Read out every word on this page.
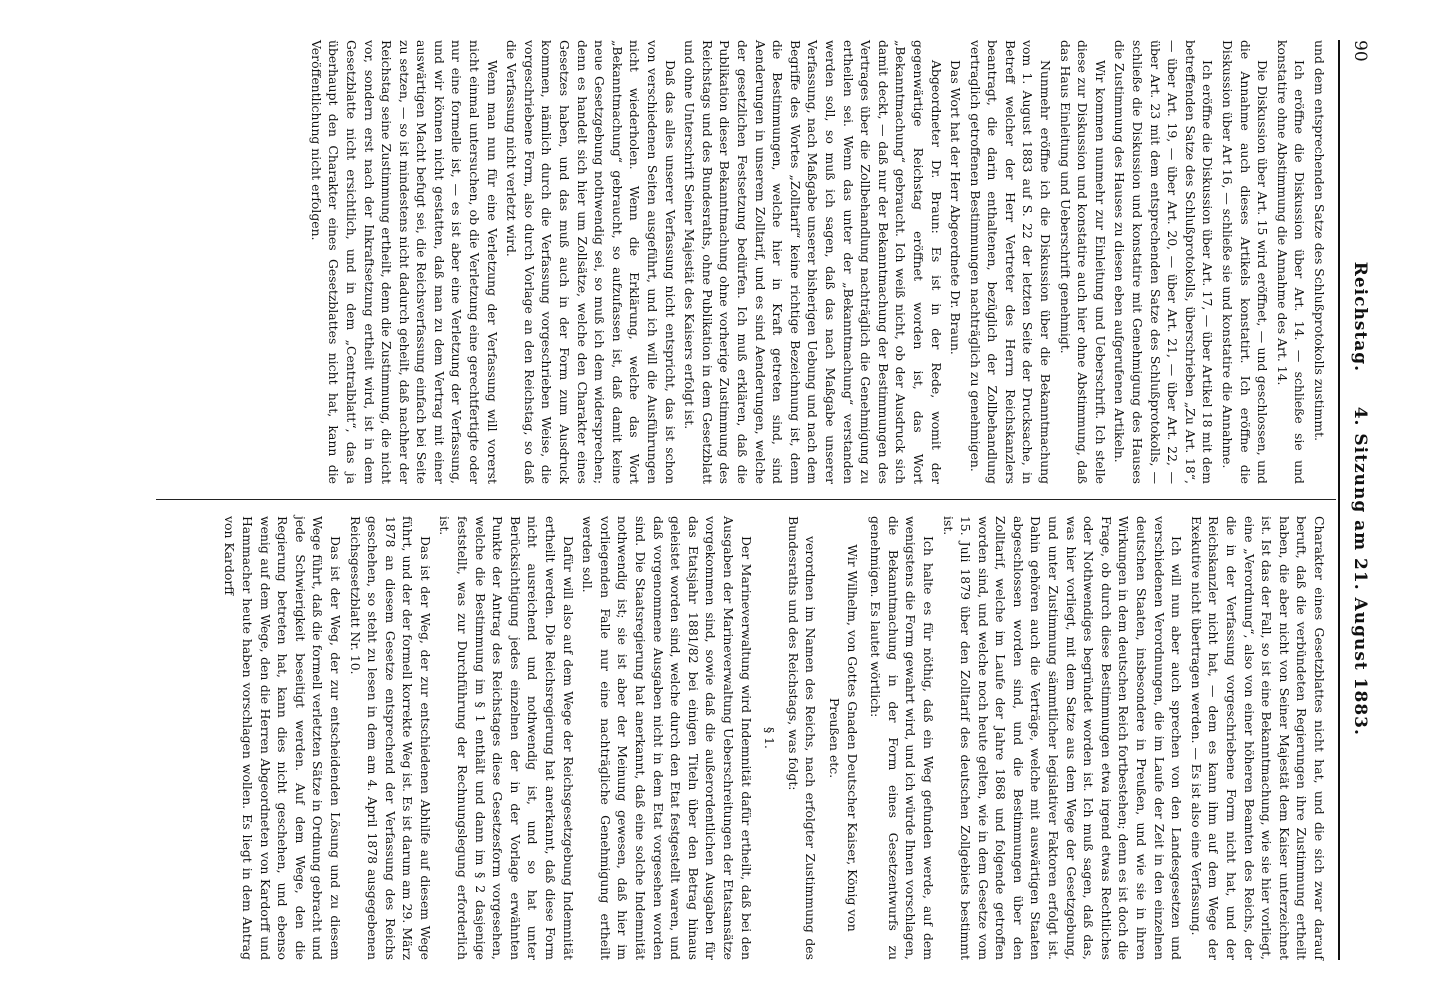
90
Reichstag.     4. Sitzung am 21. August 1883.

und dem entsprechenden Satze des Schlußprotokolls zustimmt.

Ich eröffne die Diskussion über Art. 14. — schließe sie und konstatire ohne Abstimmung die Annahme des Art. 14.

Die Diskussion über Art. 15 wird eröffnet, — und geschlossen, und die Annahme auch dieses Artikels konstatirt. Ich eröffne die Diskussion über Art 16, — schließe sie und konstatire die Annahme.

Ich eröffne die Diskussion über Art. 17, — über Artikel 18 mit dem betreffenden Satze des Schlußprotokolls, überschrieben „Zu Art. 18“, — über Art. 19, — über Art. 20, — über Art. 21, — über Art. 22, — über Art. 23 mit dem entsprechenden Satze des Schlußprotokolls, — schließe die Diskussion und konstatire mit Genehmigung des Hauses die Zustimmung des Hauses zu diesen eben aufgerufenen Artikeln.

Wir kommen nunmehr zur Einleitung und Ueberschrift. Ich stelle diese zur Diskussion und konstatire auch hier ohne Abstimmung, daß das Haus Einleitung und Ueberschrift genehmigt.

Nunmehr eröffne ich die Diskussion über die Bekanntmachung vom 1. August 1883 auf S. 22 der letzten Seite der Drucksache, in Betreff welcher der Herr Vertreter des Herrn Reichskanzlers beantragt, die darin enthaltenen, bezüglich der Zollbehandlung vertraglich getroffenen Bestimmungen nachträglich zu genehmigen.

Das Wort hat der Herr Abgeordnete Dr. Braun.

Abgeordneter Dr. Braun: Es ist in der Rede, womit der gegenwärtige Reichstag eröffnet worden ist, das Wort „Bekanntmachung“ gebraucht. Ich weiß nicht, ob der Ausdruck sich damit deckt, — daß nur der Bekanntmachung der Bestimmungen des Vertrages über die Zollbehandlung nachträglich die Genehmigung zu ertheilen sei. Wenn das unter der „Bekanntmachung“ verstanden werden soll, so muß ich sagen, daß das nach Maßgabe unserer Verfassung, nach Maßgabe unserer bisherigen Uebung und nach dem Begriffe des Wortes „Zolltarif“ keine richtige Bezeichnung ist, denn die Bestimmungen, welche hier in Kraft getreten sind, sind Aenderungen in unserem Zolltarif, und es sind Aenderungen, welche der gesetzlichen Festsetzung bedürfen. Ich muß erklären, daß die Publikation dieser Bekanntmachung ohne vorherige Zustimmung des Reichstags und des Bundesraths, ohne Publikation in dem Gesetzblatt und ohne Unterschrift Seiner Majestät des Kaisers erfolgt ist.

Daß das alles unserer Verfassung nicht entspricht, das ist schon von verschiedenen Seiten ausgeführt, und ich will die Ausführungen nicht wiederholen. Wenn die Erklärung, welche das Wort „Bekanntmachung“ gebraucht, so aufzufassen ist, daß damit keine neue Gesetzgebung nothwendig sei, so muß ich dem widersprechen; denn es handelt sich hier um Zollsätze, welche den Charakter eines Gesetzes haben, und das muß auch in der Form zum Ausdruck kommen, nämlich durch die Verfassung vorgeschrieben Weise, die vorgeschriebene Form, also durch Vorlage an den Reichstag, so daß die Verfassung nicht verletzt wird.

Wenn man nun für eine Verletzung der Verfassung will vorerst nicht einmal untersuchen, ob die Verletzung eine gerechtfertigte oder nur eine formelle ist, — es ist aber eine Verletzung der Verfassung, und wir können nicht gestatten, daß man zu dem Vertrag mit einer auswärtigen Macht befugt sei, die Reichsverfassung einfach bei Seite zu setzen, — so ist mindestens nicht dadurch geheilt, daß nachher der Reichstag seine Zustimmung ertheilt, denn die Zustimmung, die nicht vor, sondern erst nach der Inkraftsetzung ertheilt wird, ist in dem Gesetzblatte nicht ersichtlich, und in dem „Centralblatt“, das ja überhaupt den Charakter eines Gesetzblattes nicht hat, kann die Veröffentlichung nicht erfolgen.

Charakter eines Gesetzblattes nicht hat, und die sich zwar darauf beruft, daß die verbündeten Regierungen ihre Zustimmung ertheilt haben, die aber nicht von Seiner Majestät dem Kaiser unterzeichnet ist. Ist das der Fall, so ist eine Bekanntmachung, wie sie hier vorliegt, eine „Verordnung“, also von einer höheren Beamten des Reichs, der die in der Verfassung vorgeschriebene Form nicht hat, und der Reichskanzler nicht hat, — dem es kann ihm auf dem Wege der Exekutive nicht übertragen werden. — Es ist also eine Verfassung.

Ich will nun aber auch sprechen von den Landesgesetzen und verschiedenen Verordnungen, die im Laufe der Zeit in den einzelnen deutschen Staaten, insbesondere in Preußen, und wie sie in ihren Wirkungen in dem deutschen Reich fortbestehen; denn es ist doch die Frage, ob durch diese Bestimmungen etwa irgend etwas Rechtliches oder Nothwendiges begründet worden ist. Ich muß sagen, daß das, was hier vorliegt, mit dem Satze aus dem Wege der Gesetzgebung, und unter Zustimmung sämmtlicher legislativer Faktoren erfolgt ist. Dahin gehören auch die Verträge, welche mit auswärtigen Staaten abgeschlossen worden sind, und die Bestimmungen über den Zolltarif, welche im Laufe der Jahre 1868 und folgende getroffen worden sind, und welche noch heute gelten, wie in dem Gesetze vom 15. Juli 1879 über den Zolltarif des deutschen Zollgebiets bestimmt ist.

Ich halte es für nöthig, daß ein Weg gefunden werde, auf dem wenigstens die Form gewahrt wird, und ich würde Ihnen vorschlagen, die Bekanntmachung in der Form eines Gesetzentwurfs zu genehmigen. Es lautet wörtlich:

Wir Wilhelm, von Gottes Gnaden Deutscher Kaiser, König von Preußen etc.

verordnen im Namen des Reichs, nach erfolgter Zustimmung des Bundesraths und des Reichstags, was folgt:

§ 1.

Der Marineverwaltung wird Indemnität dafür ertheilt, daß bei den Ausgaben der Marineverwaltung Ueberschreitungen der Etatsansätze vorgekommen sind, sowie daß die außerordentlichen Ausgaben für das Etatsjahr 1881/82 bei einigen Titeln über den Betrag hinaus geleistet worden sind, welche durch den Etat festgestellt waren, und daß vorgenommene Ausgaben nicht in dem Etat vorgesehen worden sind. Die Staatsregierung hat anerkannt, daß eine solche Indemnität nothwendig ist; sie ist aber der Meinung gewesen, daß hier im vorliegenden Falle nur eine nachträgliche Genehmigung ertheilt werden soll.

Dafür will also auf dem Wege der Reichsgesetzgebung Indemnität ertheilt werden. Die Reichsregierung hat anerkannt, daß diese Form nicht ausreichend und nothwendig ist, und so hat unter Berücksichtigung jedes einzelnen der in der Vorlage erwähnten Punkte der Antrag des Reichstages diese Gesetzesform vorgesehen, welche die Bestimmung im § 1 enthält und dann im § 2 dasjenige feststellt, was zur Durchführung der Rechnungslegung erforderlich ist.

Das ist der Weg, der zur entschiedenen Abhilfe auf diesem Wege führt, und der der formell korrekte Weg ist. Es ist darum am 29. März 1878 an diesem Gesetze entsprechend der Verfassung des Reichs geschehen, so steht zu lesen in dem am 4. April 1878 ausgegebenen Reichsgesetzblatt Nr. 10.

Das ist der Weg, der zur entscheidenden Lösung und zu diesem Wege führt, daß die formell verletzten Sätze in Ordnung gebracht und jede Schwierigkeit beseitigt werden. Auf dem Wege, den die Regierung betreten hat, kann dies nicht geschehen, und ebenso wenig auf dem Wege, den die Herren Abgeordneten von Kardorff und Hammacher heute haben vorschlagen wollen. Es liegt in dem Antrag von Kardorff
